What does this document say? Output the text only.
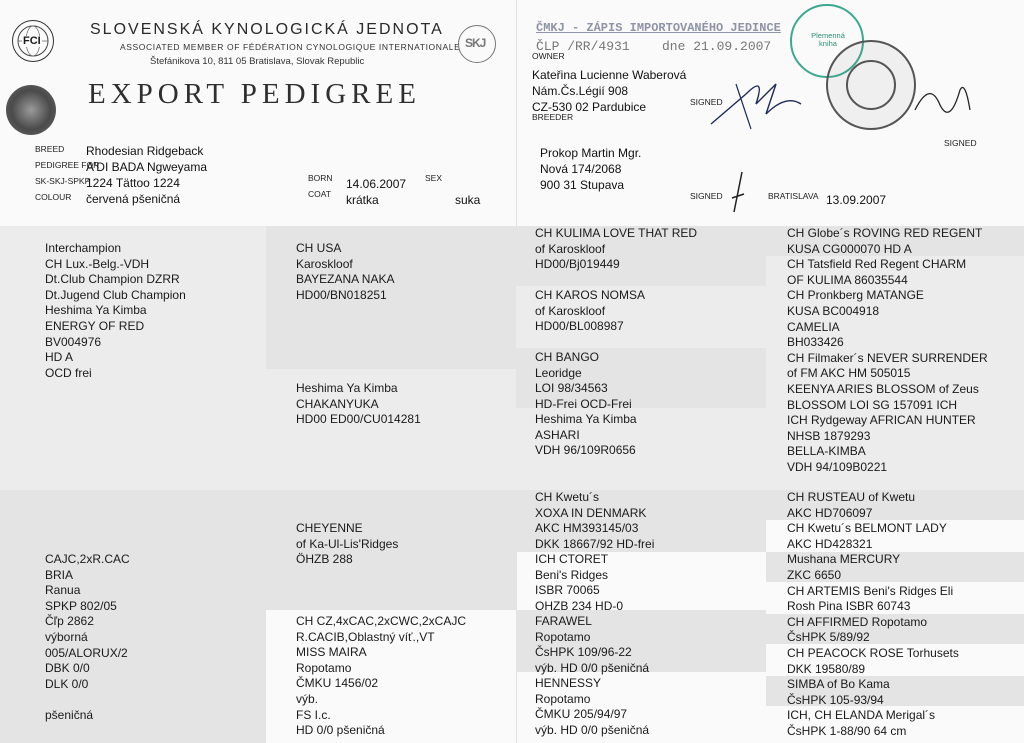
FCI
SLOVENSKÁ KYNOLOGICKÁ JEDNOTA
ASSOCIATED MEMBER OF FÉDÉRATION CYNOLOGIQUE INTERNATIONALE
Štefánikova 10, 811 05 Bratislava, Slovak Republic
EXPORT PEDIGREE
SKJ
BREED Rhodesian Ridgeback
PEDIGREE FOR
A'DI BADA Ngweyama
SK-SKJ-SPKP
1224 Tättoo 1224
COLOUR červená pšeničná
BORN 14.06.2007
COAT krátka
SEX
suka
ČMKJ - ZÁPIS IMPORTOVANÉHO JEDINCE
ČLP /RR/4931 dne 21.09.2007
Plemenná kniha
OWNER
Kateřina Lucienne Waberová
Nám.Čs.Légií 908
CZ-530 02 Pardubice	SIGNED
SIGNED
BREEDER
Prokop Martin Mgr.
Nová 174/2068
900 31 Stupava
SIGNED	BRATISLAVA 13.09.2007
Interchampion
CH Lux.-Belg.-VDH
Dt.Club Champion DZRR
Dt.Jugend Club Champion
Heshima Ya Kimba
ENERGY OF RED
BV004976
HD A
OCD frei
CH USA
Karoskloof
BAYEZANA NAKA
HD00/BN018251
Heshima Ya Kimba
CHAKANYUKA
HD00 ED00/CU014281
CH KULIMA LOVE THAT RED
of Karoskloof
HD00/Bj019449
CH KAROS NOMSA
of Karoskloof
HD00/BL008987
CH BANGO
Leoridge
LOI 98/34563
HD-Frei OCD-Frei
Heshima Ya Kimba
ASHARI
VDH 96/109R0656
CH Globe´s ROVING RED REGENT
KUSA CG000070 HD A
CH Tatsfield Red Regent CHARM
OF KULIMA 86035544
CH Pronkberg MATANGE
KUSA BC004918
CAMELIA
BH033426
CH Filmaker´s NEVER SURRENDER
of FM AKC HM 505015
KEENYA ARIES BLOSSOM of Zeus
BLOSSOM LOI SG 157091 ICH
ICH Rydgeway AFRICAN HUNTER
NHSB 1879293
BELLA-KIMBA
VDH 94/109B0221
CAJC,2xR.CAC
BRIA
Ranua
SPKP 802/05
Čľp 2862
výborná
005/ALORUX/2
DBK 0/0
DLK 0/0
pšeničná
CHEYENNE
of Ka-Ul-Lis'Ridges
ÖHZB 288
CH CZ,4xCAC,2xCWC,2xCAJC
R.CACIB,Oblastný víť.,VT
MISS MAIRA
Ropotamo
ČMKU 1456/02
výb.
FS I.c.
HD 0/0 pšeničná
CH Kwetu´s
XOXA IN DENMARK
AKC HM393145/03
DKK 18667/92 HD-frei
ICH CTORET
Beni's Ridges
ISBR 70065
OHZB 234 HD-0
FARAWEL
Ropotamo
ČsHPK 109/96-22
výb. HD 0/0 pšeničná
HENNESSY
Ropotamo
ČMKU 205/94/97
výb. HD 0/0 pšeničná
CH RUSTEAU of Kwetu
AKC HD706097
CH Kwetu´s BELMONT LADY
AKC HD428321
Mushana MERCURY
ZKC 6650
CH ARTEMIS Beni's Ridges Eli
Rosh Pina ISBR 60743
CH AFFIRMED Ropotamo
ČsHPK 5/89/92
CH PEACOCK ROSE Torhusets
DKK 19580/89
SIMBA of Bo Kama
ČsHPK 105-93/94
ICH, CH ELANDA Merigal´s
ČsHPK 1-88/90 64 cm
